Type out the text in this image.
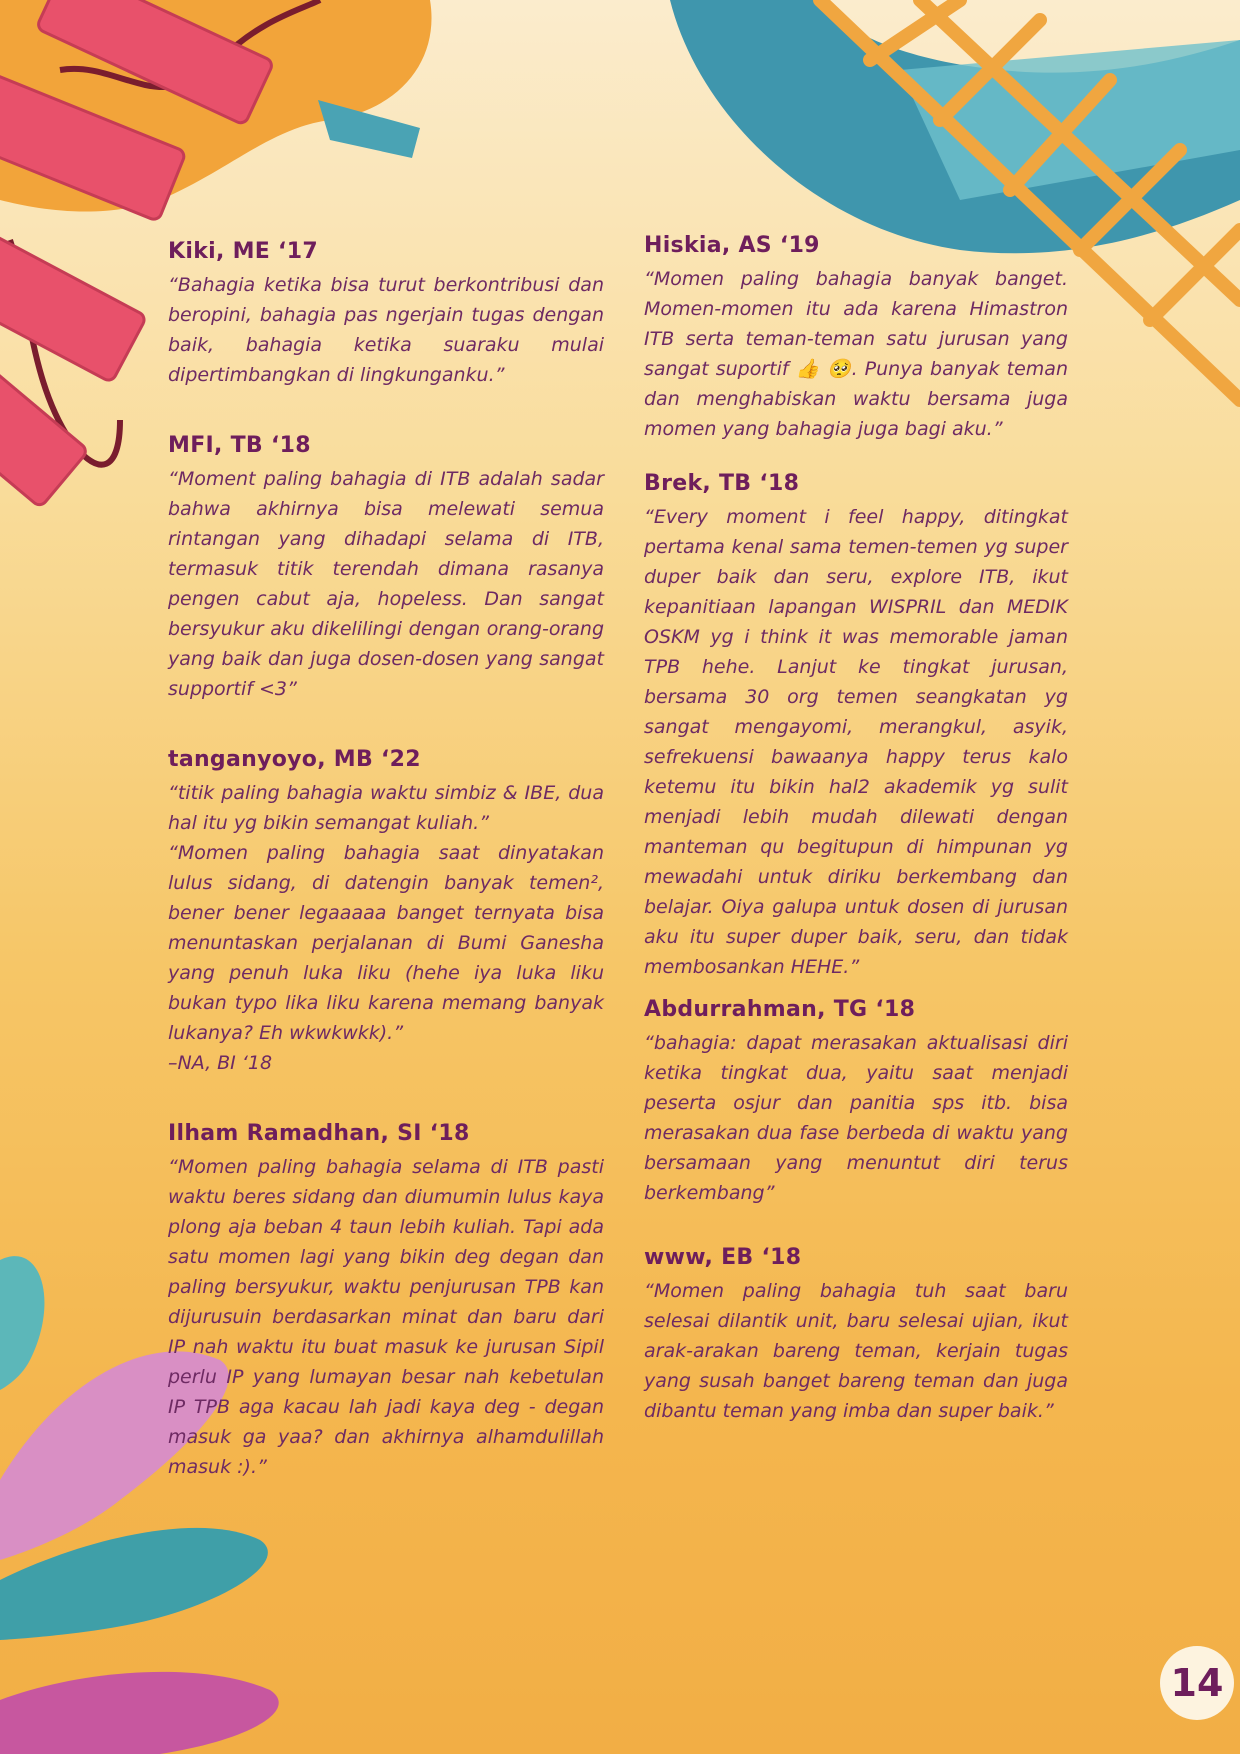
Kiki, ME ‘17

“Bahagia ketika bisa turut berkontribusi dan beropini, bahagia pas ngerjain tugas dengan baik, bahagia ketika suaraku mulai dipertimbangkan di lingkunganku.”

MFI, TB ‘18

“Moment paling bahagia di ITB adalah sadar bahwa akhirnya bisa melewati semua rintangan yang dihadapi selama di ITB, termasuk titik terendah dimana rasanya pengen cabut aja, hopeless. Dan sangat bersyukur aku dikelilingi dengan orang-orang yang baik dan juga dosen-dosen yang sangat supportif <3”

tanganyoyo, MB ‘22

“titik paling bahagia waktu simbiz & IBE, dua hal itu yg bikin semangat kuliah.”

“Momen paling bahagia saat dinyatakan lulus sidang, di datengin banyak temen², bener bener legaaaaa banget ternyata bisa menuntaskan perjalanan di Bumi Ganesha yang penuh luka liku (hehe iya luka liku bukan typo lika liku karena memang banyak lukanya? Eh wkwkwkk).”

–NA, BI ‘18

Ilham Ramadhan, SI ‘18

“Momen paling bahagia selama di ITB pasti waktu beres sidang dan diumumin lulus kaya plong aja beban 4 taun lebih kuliah. Tapi ada satu momen lagi yang bikin deg degan dan paling bersyukur, waktu penjurusan TPB kan dijurusuin berdasarkan minat dan baru dari IP nah waktu itu buat masuk ke jurusan Sipil perlu IP yang lumayan besar nah kebetulan IP TPB aga kacau lah jadi kaya deg - degan masuk ga yaa? dan akhirnya alhamdulillah masuk :).”

Hiskia, AS ‘19

“Momen paling bahagia banyak banget. Momen-momen itu ada karena Himastron ITB serta teman-teman satu jurusan yang sangat suportif 👍 🥺. Punya banyak teman dan menghabiskan waktu bersama juga momen yang bahagia juga bagi aku.”

Brek, TB ‘18

“Every moment i feel happy, ditingkat pertama kenal sama temen-temen yg super duper baik dan seru, explore ITB, ikut kepanitiaan lapangan WISPRIL dan MEDIK OSKM yg i think it was memorable jaman TPB hehe. Lanjut ke tingkat jurusan, bersama 30 org temen seangkatan yg sangat mengayomi, merangkul, asyik, sefrekuensi bawaanya happy terus kalo ketemu itu bikin hal2 akademik yg sulit menjadi lebih mudah dilewati dengan manteman qu begitupun di himpunan yg mewadahi untuk diriku berkembang dan belajar. Oiya galupa untuk dosen di jurusan aku itu super duper baik, seru, dan tidak membosankan HEHE.”

Abdurrahman, TG ‘18

“bahagia: dapat merasakan aktualisasi diri ketika tingkat dua, yaitu saat menjadi peserta osjur dan panitia sps itb. bisa merasakan dua fase berbeda di waktu yang bersamaan yang menuntut diri terus berkembang”

www, EB ‘18

“Momen paling bahagia tuh saat baru selesai dilantik unit, baru selesai ujian, ikut arak-arakan bareng teman, kerjain tugas yang susah banget bareng teman dan juga dibantu teman yang imba dan super baik.”

14
